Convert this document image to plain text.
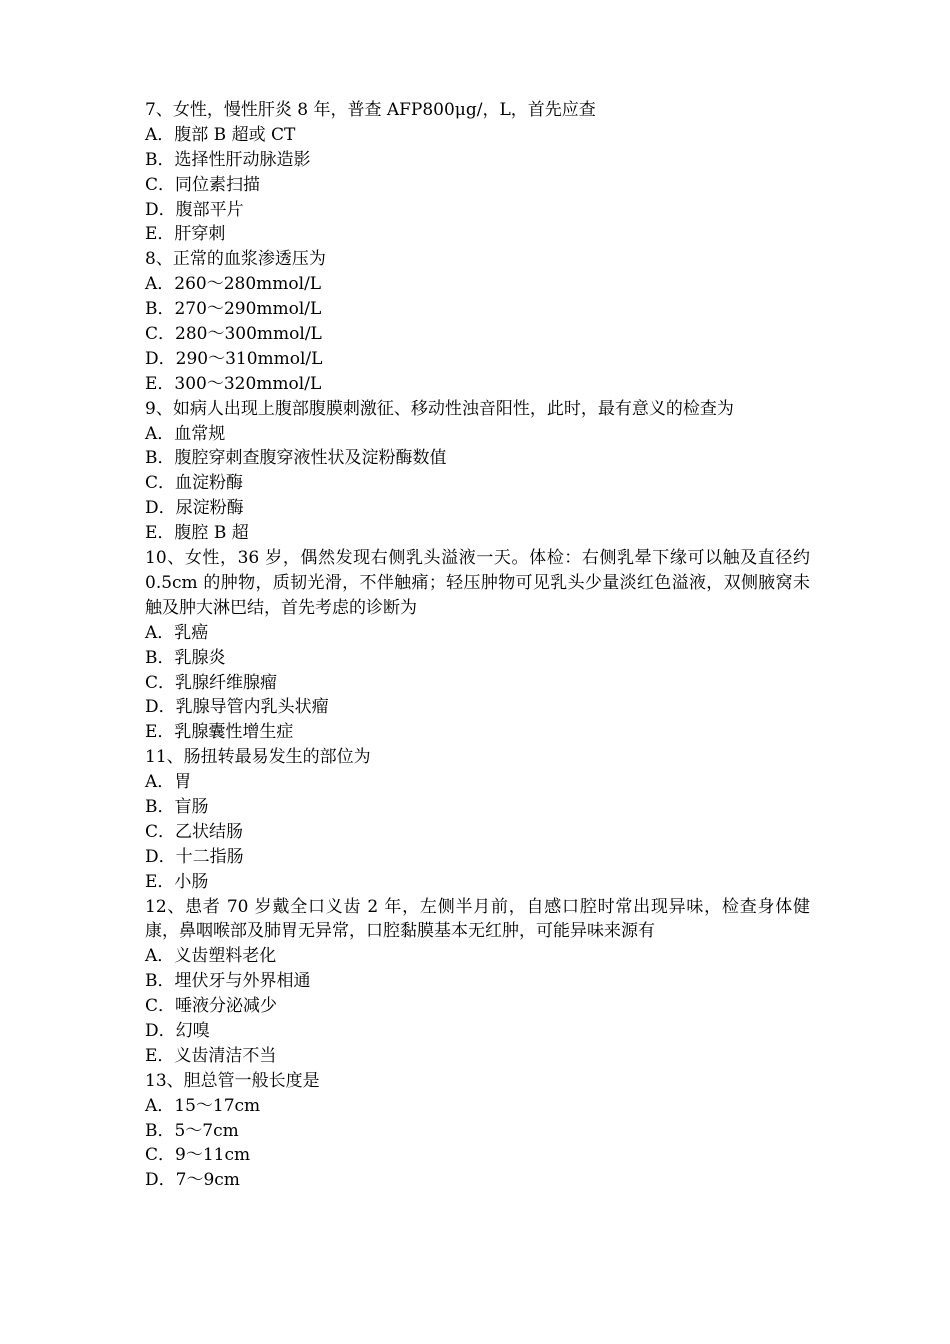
7、女性，慢性肝炎 8 年，普查 AFP800μg/，L，首先应查
A．腹部 B 超或 CT
B．选择性肝动脉造影
C．同位素扫描
D．腹部平片
E．肝穿刺
8、正常的血浆渗透压为
A．260～280mmol/L
B．270～290mmol/L
C．280～300mmol/L
D．290～310mmol/L
E．300～320mmol/L
9、如病人出现上腹部腹膜刺激征、移动性浊音阳性，此时，最有意义的检查为
A．血常规
B．腹腔穿刺查腹穿液性状及淀粉酶数值
C．血淀粉酶
D．尿淀粉酶
E．腹腔 B 超
10、女性，36 岁，偶然发现右侧乳头溢液一天。体检：右侧乳晕下缘可以触及直径约 0.5cm 的肿物，质韧光滑，不伴触痛；轻压肿物可见乳头少量淡红色溢液，双侧腋窝未触及肿大淋巴结，首先考虑的诊断为
A．乳癌
B．乳腺炎
C．乳腺纤维腺瘤
D．乳腺导管内乳头状瘤
E．乳腺囊性增生症
11、肠扭转最易发生的部位为
A．胃
B．盲肠
C．乙状结肠
D．十二指肠
E．小肠
12、患者 70 岁戴全口义齿 2 年，左侧半月前，自感口腔时常出现异味，检查身体健康，鼻咽喉部及肺胃无异常，口腔黏膜基本无红肿，可能异味来源有
A．义齿塑料老化
B．埋伏牙与外界相通
C．唾液分泌减少
D．幻嗅
E．义齿清洁不当
13、胆总管一般长度是
A．15～17cm
B．5～7cm
C．9～11cm
D．7～9cm
